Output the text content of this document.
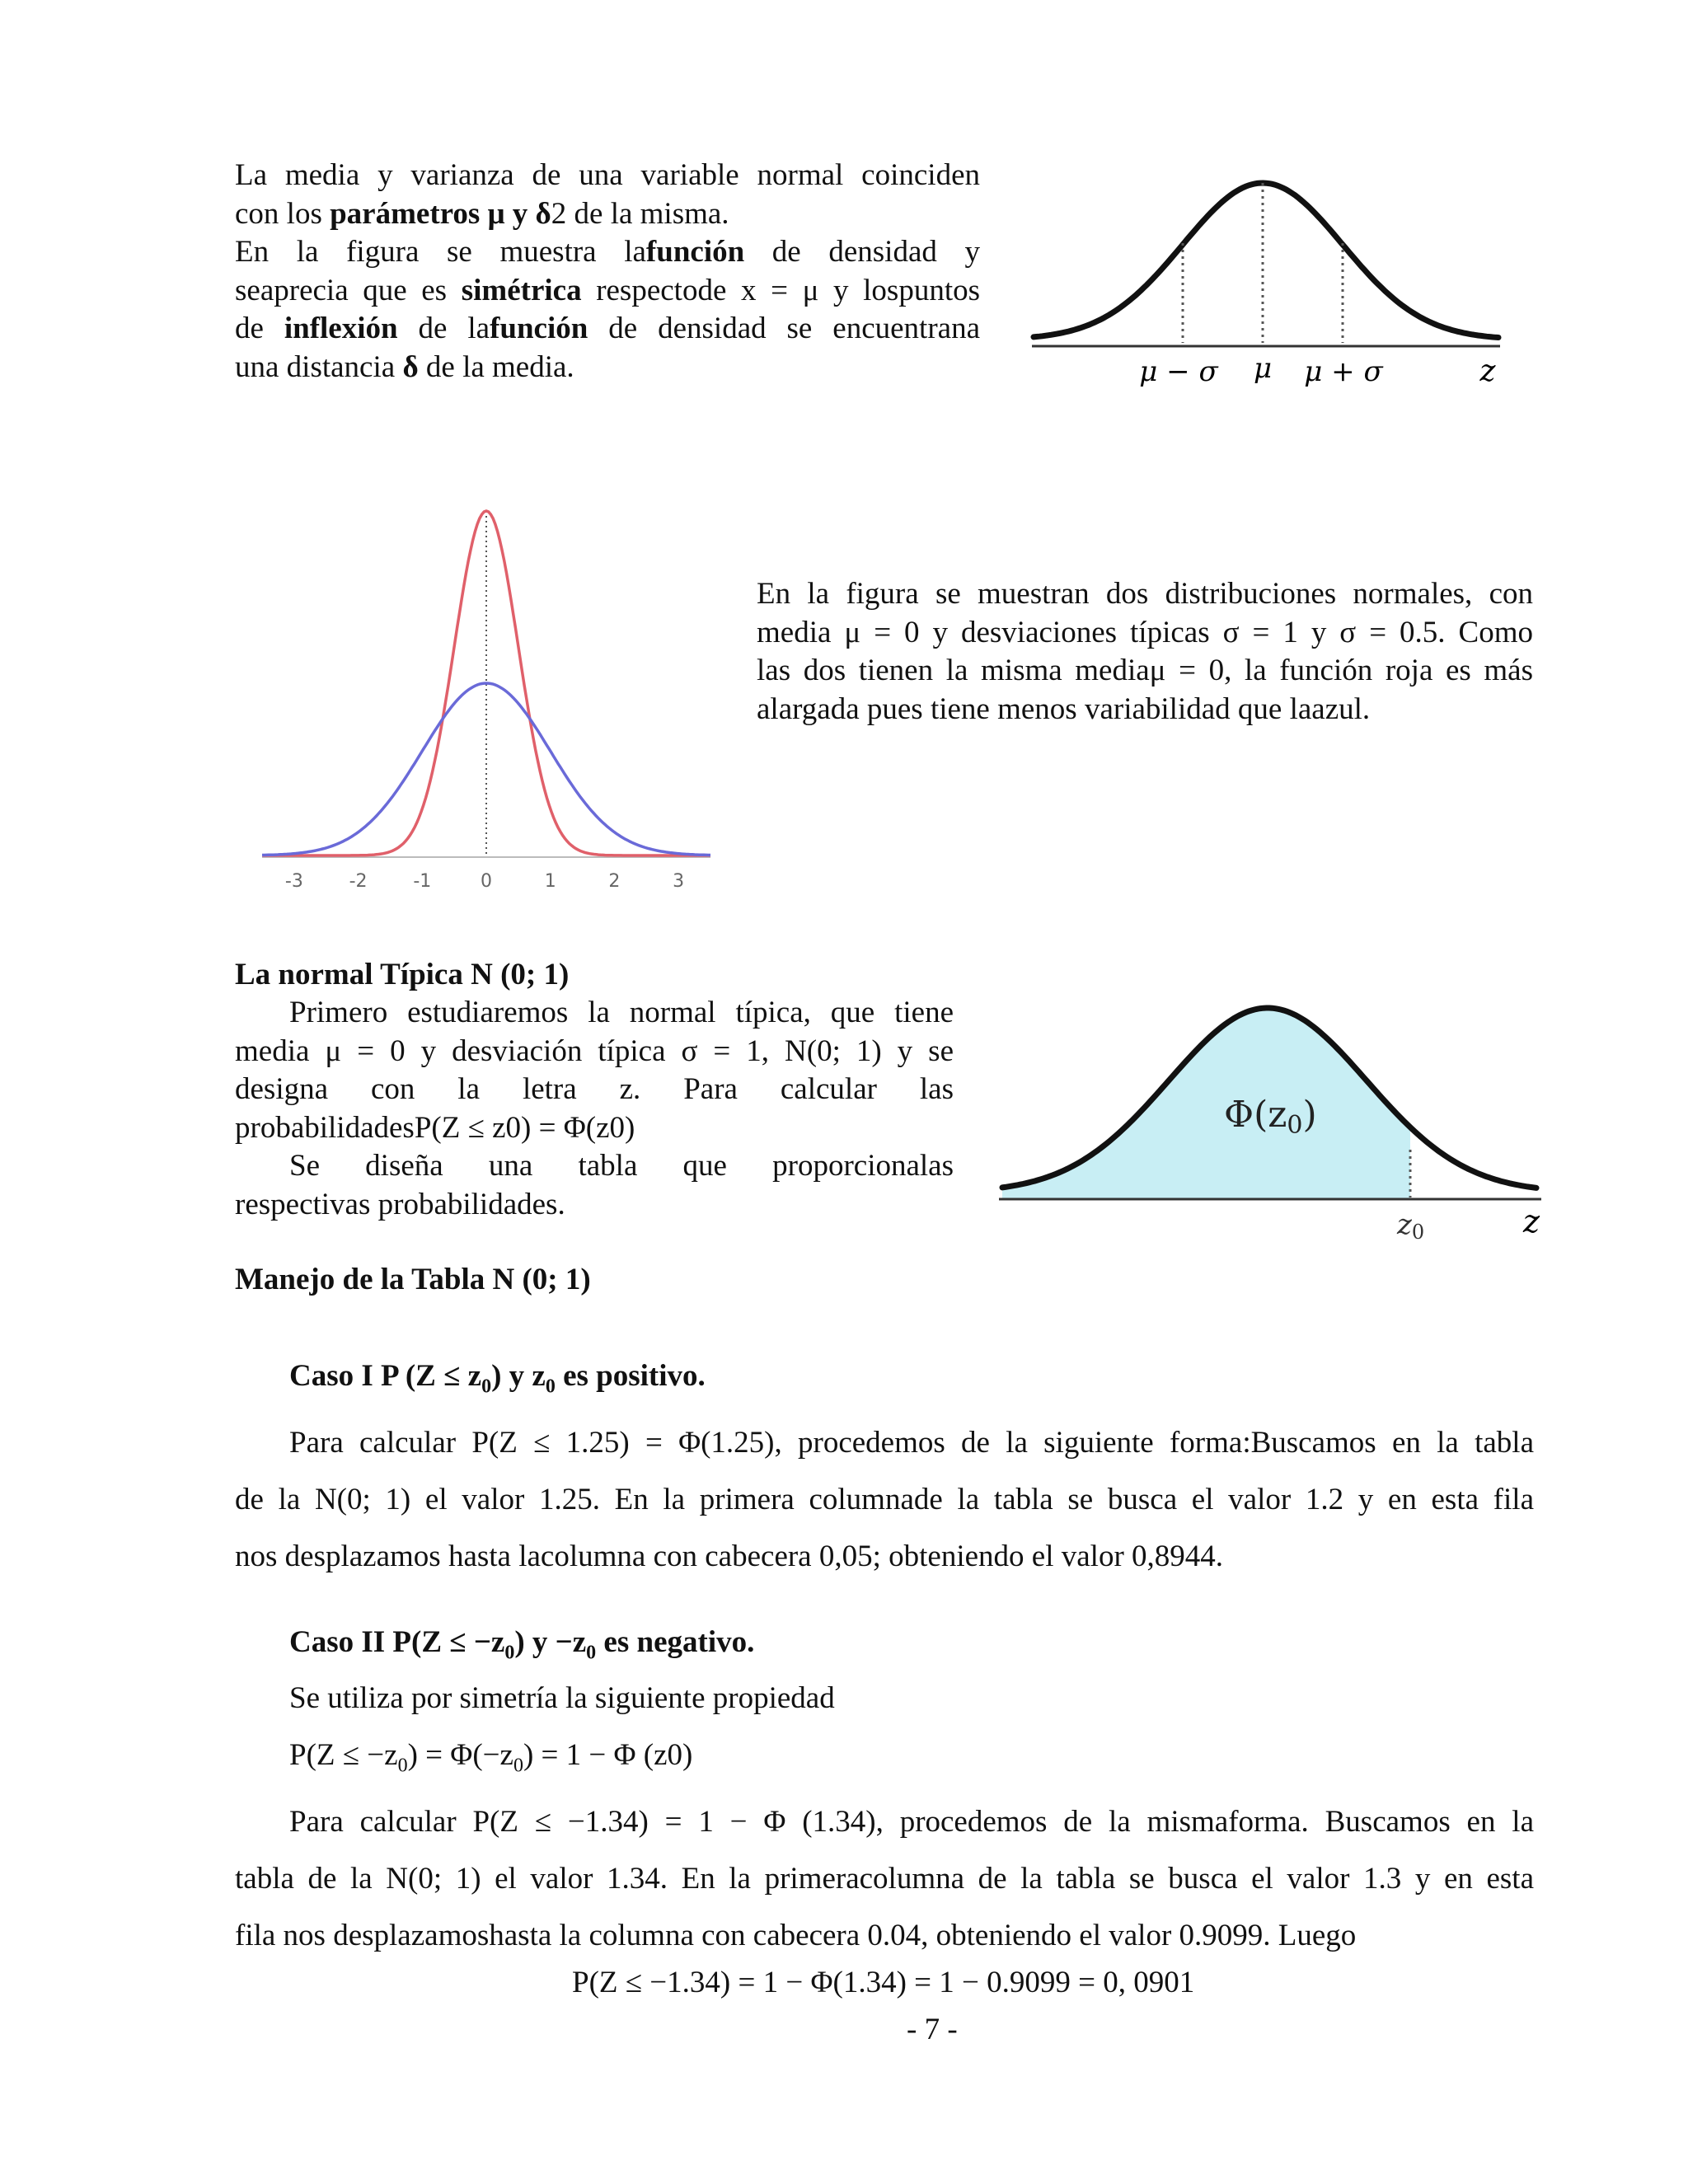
La media y varianza de una variable normal coinciden

con los parámetros μ y δ2 de la misma.

En la figura se muestra lafunción de densidad y

seaprecia que es simétrica respectode x = μ y lospuntos

de inflexión de lafunción de densidad se encuentrana

una distancia δ de la media.	μ − σ μ μ + σ	z
-3	-2	-1	0	1	2	3

En la figura se muestran dos distribuciones normales, con

media μ = 0 y desviaciones típicas σ = 1 y σ = 0.5. Como

las dos tienen la misma mediaμ = 0, la función roja es más

alargada pues tiene menos variabilidad que laazul.

La normal Típica N (0; 1)

Primero estudiaremos la normal típica, que tiene

media μ = 0 y desviación típica σ = 1, N(0; 1) y se

designa con la letra z. Para calcular las

probabilidadesP(Z ≤ z0) = Φ(z0)

Se diseña una tabla que proporcionalas

respectivas probabilidades.

Φ(z0)
z0	z

Manejo de la Tabla N (0; 1)

Caso I P $(Z \le z_0)$ y $z_0$ es positivo.

Para calcular P(Z ≤ 1.25) = Φ(1.25), procedemos de la siguiente forma:Buscamos en la tabla

de la N(0; 1) el valor 1.25. En la primera columnade la tabla se busca el valor 1.2 y en esta fila

nos desplazamos hasta lacolumna con cabecera 0,05; obteniendo el valor 0,8944.

Caso II $P(Z \le -z_0)$ $y -z_0$ es negativo.

Se utiliza por simetría la siguiente propiedad

$P(Z \le -z_0) = \Phi(-z_0) = 1 - \Phi$ (z0)

Para calcular P(Z ≤ −1.34) = 1 − Φ (1.34), procedemos de la mismaforma. Buscamos en la

tabla de la N(0; 1) el valor 1.34. En la primeracolumna de la tabla se busca el valor 1.3 y en esta

fila nos desplazamoshasta la columna con cabecera 0.04, obteniendo el valor 0.9099. Luego

P(Z ≤ −1.34) = 1 − Φ(1.34) = 1 − 0.9099 = 0, 0901

- 7 -
